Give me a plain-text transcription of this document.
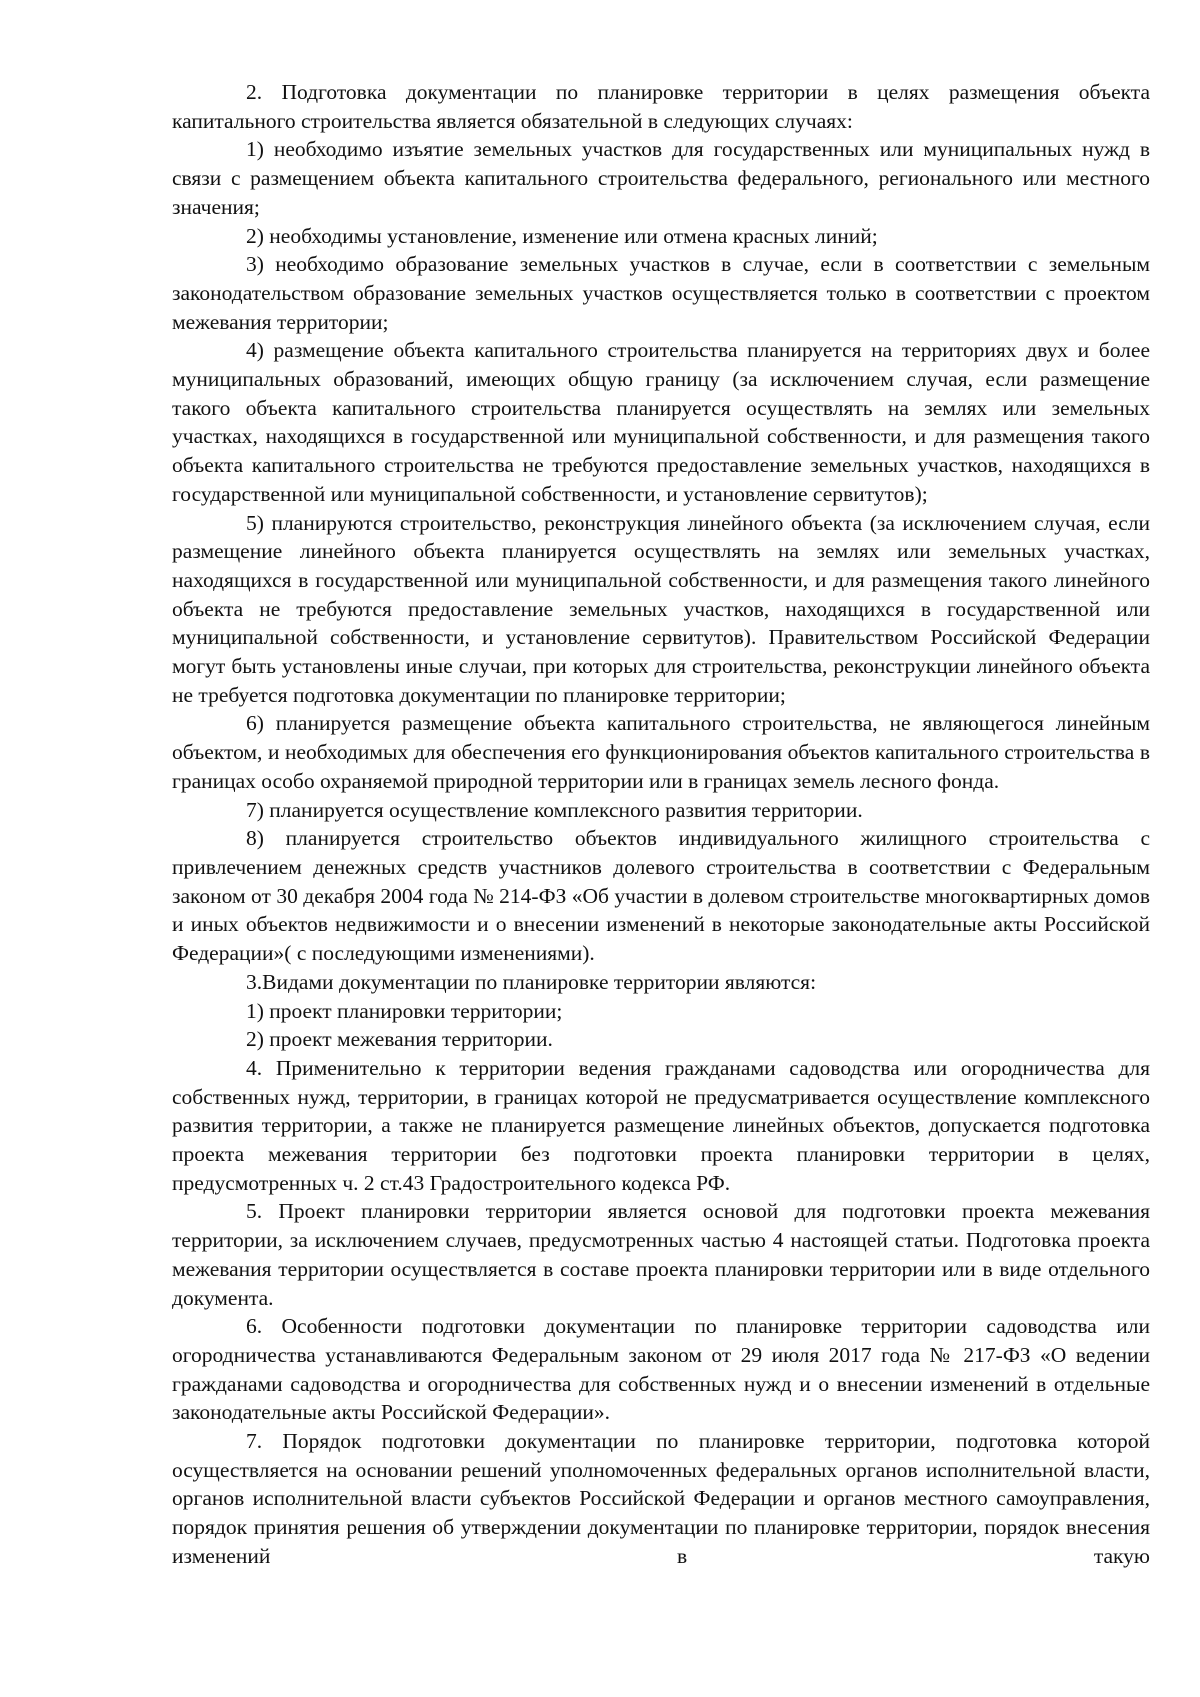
2. Подготовка документации по планировке территории в целях размещения объекта капитального строительства является обязательной в следующих случаях:

1) необходимо изъятие земельных участков для государственных или муниципальных нужд в связи с размещением объекта капитального строительства федерального, регионального или местного значения;

2) необходимы установление, изменение или отмена красных линий;

3) необходимо образование земельных участков в случае, если в соответствии с земельным законодательством образование земельных участков осуществляется только в соответствии с проектом межевания территории;

4) размещение объекта капитального строительства планируется на территориях двух и более муниципальных образований, имеющих общую границу (за исключением случая, если размещение такого объекта капитального строительства планируется осуществлять на землях или земельных участках, находящихся в государственной или муниципальной собственности, и для размещения такого объекта капитального строительства не требуются предоставление земельных участков, находящихся в государственной или муниципальной собственности, и установление сервитутов);

5) планируются строительство, реконструкция линейного объекта (за исключением случая, если размещение линейного объекта планируется осуществлять на землях или земельных участках, находящихся в государственной или муниципальной собственности, и для размещения такого линейного объекта не требуются предоставление земельных участков, находящихся в государственной или муниципальной собственности, и установление сервитутов). Правительством Российской Федерации могут быть установлены иные случаи, при которых для строительства, реконструкции линейного объекта не требуется подготовка документации по планировке территории;

6) планируется размещение объекта капитального строительства, не являющегося линейным объектом, и необходимых для обеспечения его функционирования объектов капитального строительства в границах особо охраняемой природной территории или в границах земель лесного фонда.

7) планируется осуществление комплексного развития территории.

8) планируется строительство объектов индивидуального жилищного строительства с привлечением денежных средств участников долевого строительства в соответствии с Федеральным законом от 30 декабря 2004 года № 214-ФЗ «Об участии в долевом строительстве многоквартирных домов и иных объектов недвижимости и о внесении изменений в некоторые законодательные акты Российской Федерации»( с последующими изменениями).

3.Видами документации по планировке территории являются:

1) проект планировки территории;

2) проект межевания территории.

4. Применительно к территории ведения гражданами садоводства или огородничества для собственных нужд, территории, в границах которой не предусматривается осуществление комплексного развития территории, а также не планируется размещение линейных объектов, допускается подготовка проекта межевания территории без подготовки проекта планировки территории в целях, предусмотренных ч. 2 ст.43 Градостроительного кодекса РФ.

5. Проект планировки территории является основой для подготовки проекта межевания территории, за исключением случаев, предусмотренных частью 4 настоящей статьи. Подготовка проекта межевания территории осуществляется в составе проекта планировки территории или в виде отдельного документа.

6. Особенности подготовки документации по планировке территории садоводства или огородничества устанавливаются Федеральным законом от 29 июля 2017 года № 217-ФЗ «О ведении гражданами садоводства и огородничества для собственных нужд и о внесении изменений в отдельные законодательные акты Российской Федерации».

7. Порядок подготовки документации по планировке территории, подготовка которой осуществляется на основании решений уполномоченных федеральных органов исполнительной власти, органов исполнительной власти субъектов Российской Федерации и органов местного самоуправления, порядок принятия решения об утверждении документации по планировке территории, порядок внесения изменений в такую
